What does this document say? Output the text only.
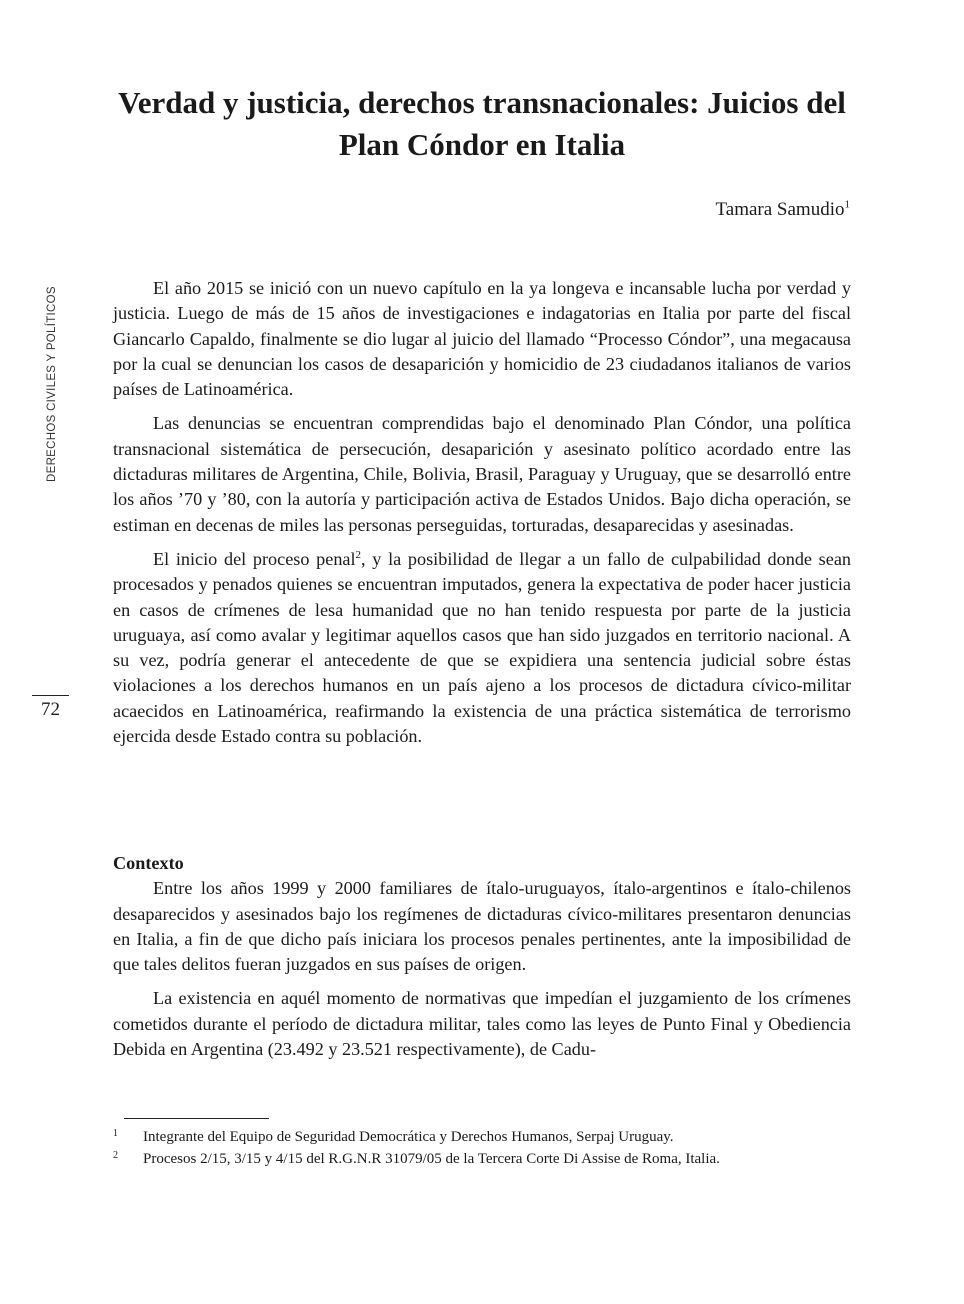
Verdad y justicia, derechos transnacionales: Juicios del Plan Cóndor en Italia
Tamara Samudio$^1$
DERECHOS CIVILES Y POLÍTICOS
72

El año 2015 se inició con un nuevo capítulo en la ya longeva e incansable lucha por verdad y justicia. Luego de más de 15 años de investigaciones e indagatorias en Italia por parte del fiscal Giancarlo Capaldo, finalmente se dio lugar al juicio del llamado “Processo Cóndor”, una megacausa por la cual se denuncian los casos de desaparición y homicidio de 23 ciudadanos italianos de varios países de Latinoamérica.

Las denuncias se encuentran comprendidas bajo el denominado Plan Cóndor, una política transnacional sistemática de persecución, desaparición y asesinato político acordado entre las dictaduras militares de Argentina, Chile, Bolivia, Brasil, Paraguay y Uruguay, que se desarrolló entre los años ’70 y ’80, con la autoría y participación activa de Estados Unidos. Bajo dicha operación, se estiman en decenas de miles las personas perseguidas, torturadas, desaparecidas y asesinadas.

El inicio del proceso penal$^2$, y la posibilidad de llegar a un fallo de culpabilidad donde sean procesados y penados quienes se encuentran imputados, genera la expectativa de poder hacer justicia en casos de crímenes de lesa humanidad que no han tenido respuesta por parte de la justicia uruguaya, así como avalar y legitimar aquellos casos que han sido juzgados en territorio nacional. A su vez, podría generar el antecedente de que se expidiera una sentencia judicial sobre éstas violaciones a los derechos humanos en un país ajeno a los procesos de dictadura cívico-militar acaecidos en Latinoamérica, reafirmando la existencia de una práctica sistemática de terrorismo ejercida desde Estado contra su población.

Contexto

Entre los años 1999 y 2000 familiares de ítalo-uruguayos, ítalo-argentinos e ítalo-chilenos desaparecidos y asesinados bajo los regímenes de dictaduras cívico-militares presentaron denuncias en Italia, a fin de que dicho país iniciara los procesos penales pertinentes, ante la imposibilidad de que tales delitos fueran juzgados en sus países de origen.

La existencia en aquél momento de normativas que impedían el juzgamiento de los crímenes cometidos durante el período de dictadura militar, tales como las leyes de Punto Final y Obediencia Debida en Argentina (23.492 y 23.521 respectivamente), de Cadu-

1 Integrante del Equipo de Seguridad Democrática y Derechos Humanos, Serpaj Uruguay.
2 Procesos 2/15, 3/15 y 4/15 del R.G.N.R 31079/05 de la Tercera Corte Di Assise de Roma, Italia.
